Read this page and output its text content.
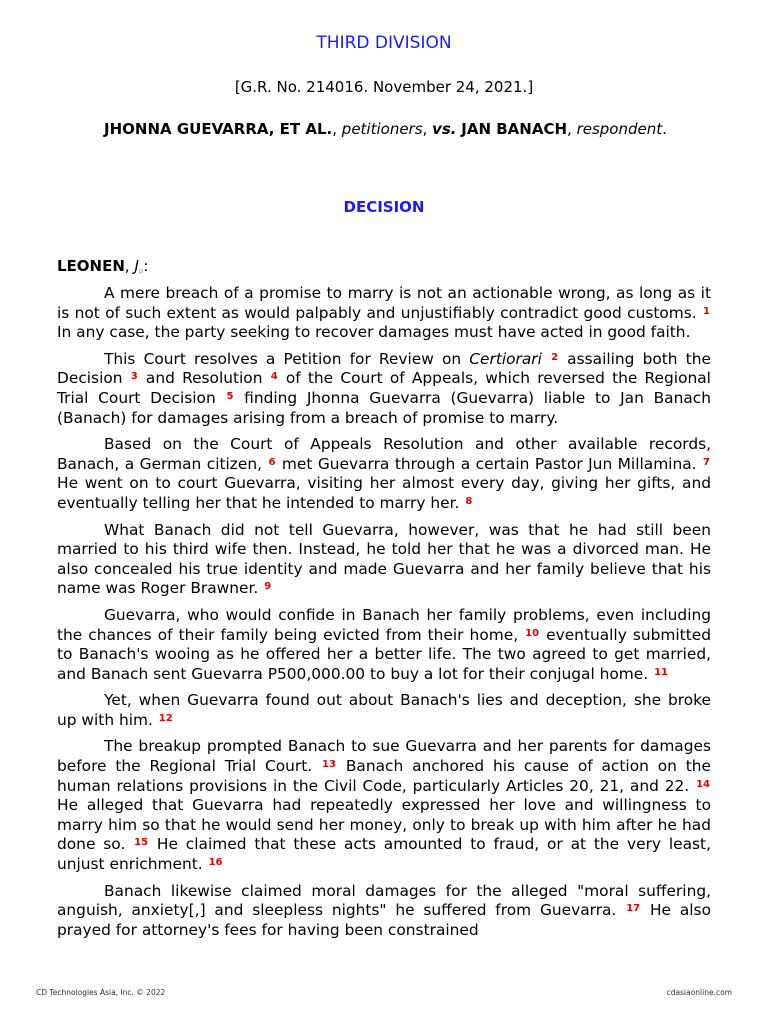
THIRD DIVISION
[G.R. No. 214016. November 24, 2021.]
JHONNA GUEVARRA, ET AL., petitioners, vs. JAN BANACH, respondent.
DECISION
LEONEN, Jp:

A mere breach of a promise to marry is not an actionable wrong, as long as it is not of such extent as would palpably and unjustifiably contradict good customs. $^1$ In any case, the party seeking to recover damages must have acted in good faith.

This Court resolves a Petition for Review on Certiorari $^2$ assailing both the Decision $^3$ and Resolution $^4$ of the Court of Appeals, which reversed the Regional Trial Court Decision $^5$ finding Jhonna Guevarra (Guevarra) liable to Jan Banach (Banach) for damages arising from a breach of promise to marry.

Based on the Court of Appeals Resolution and other available records, Banach, a German citizen, $^6$ met Guevarra through a certain Pastor Jun Millamina. $^7$ He went on to court Guevarra, visiting her almost every day, giving her gifts, and eventually telling her that he intended to marry her. $^8$

What Banach did not tell Guevarra, however, was that he had still been married to his third wife then. Instead, he told her that he was a divorced man. He also concealed his true identity and made Guevarra and her family believe that his name was Roger Brawner. $^9$

Guevarra, who would confide in Banach her family problems, even including the chances of their family being evicted from their home, $^{10}$ eventually submitted to Banach's wooing as he offered her a better life. The two agreed to get married, and Banach sent Guevarra P500,000.00 to buy a lot for their conjugal home. $^{11}$

Yet, when Guevarra found out about Banach's lies and deception, she broke up with him. $^{12}$

The breakup prompted Banach to sue Guevarra and her parents for damages before the Regional Trial Court. $^{13}$ Banach anchored his cause of action on the human relations provisions in the Civil Code, particularly Articles 20, 21, and 22. $^{14}$ He alleged that Guevarra had repeatedly expressed her love and willingness to marry him so that he would send her money, only to break up with him after he had done so. $^{15}$ He claimed that these acts amounted to fraud, or at the very least, unjust enrichment. $^{16}$

Banach likewise claimed moral damages for the alleged "moral suffering, anguish, anxiety[,] and sleepless nights" he suffered from Guevarra. $^{17}$ He also prayed for attorney's fees for having been constrained

CD Technologies Asia, Inc. © 2022	cdasiaonline.com
